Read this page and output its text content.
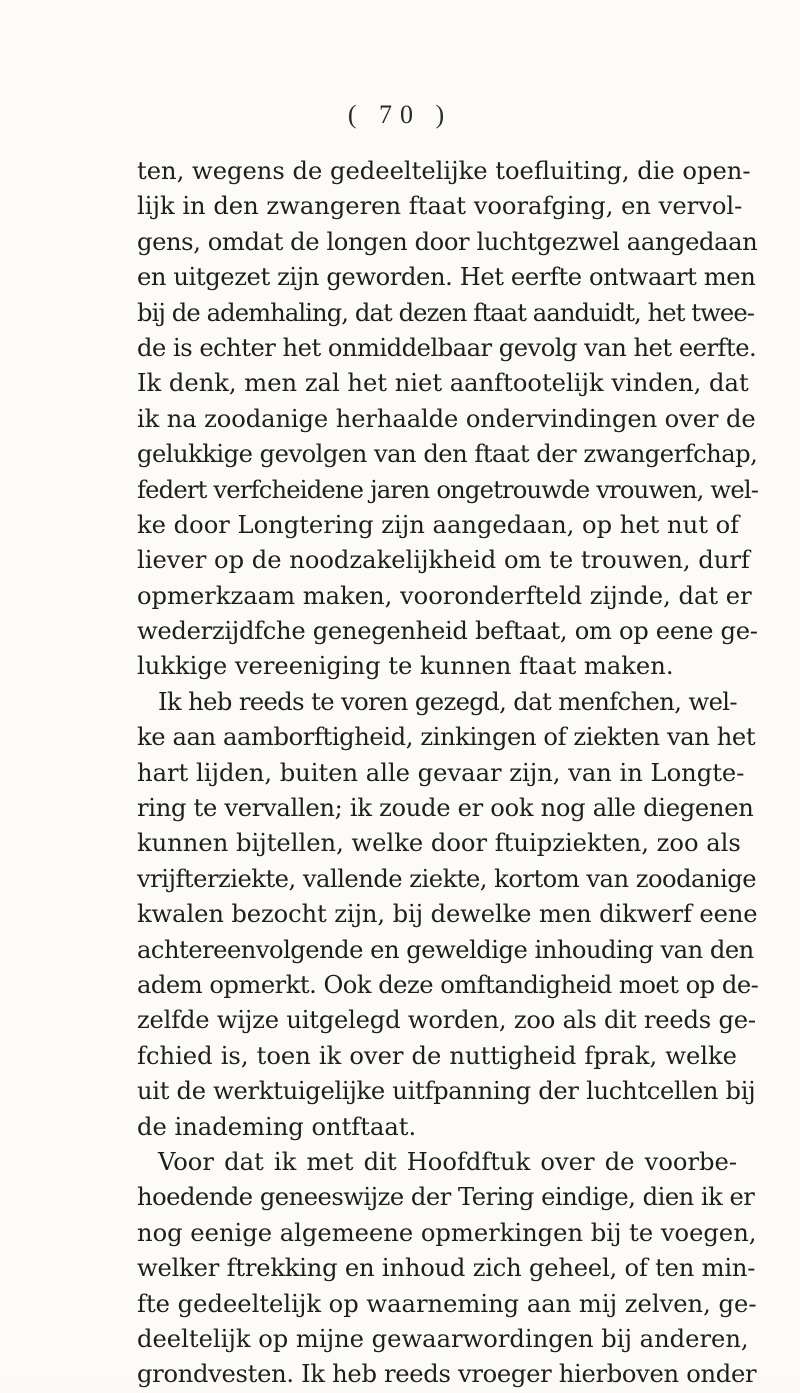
( 70 )
ten, wegens de gedeeltelijke toefluiting, die open-
lijk in den zwangeren ftaat voorafging, en vervol-
gens, omdat de longen door luchtgezwel aangedaan
en uitgezet zijn geworden. Het eerfte ontwaart men
bij de ademhaling, dat dezen ftaat aanduidt, het twee-
de is echter het onmiddelbaar gevolg van het eerfte.
Ik denk, men zal het niet aanftootelijk vinden, dat
ik na zoodanige herhaalde ondervindingen over de
gelukkige gevolgen van den ftaat der zwangerfchap,
federt verfcheidene jaren ongetrouwde vrouwen, wel-
ke door Longtering zijn aangedaan, op het nut of
liever op de noodzakelijkheid om te trouwen, durf
opmerkzaam maken, vooronderfteld zijnde, dat er
wederzijdfche genegenheid beftaat, om op eene ge-
lukkige vereeniging te kunnen ftaat maken.
Ik heb reeds te voren gezegd, dat menfchen, wel-
ke aan aamborftigheid, zinkingen of ziekten van het
hart lijden, buiten alle gevaar zijn, van in Longte-
ring te vervallen; ik zoude er ook nog alle diegenen
kunnen bijtellen, welke door ftuipziekten, zoo als
vrijfterziekte, vallende ziekte, kortom van zoodanige
kwalen bezocht zijn, bij dewelke men dikwerf eene
achtereenvolgende en geweldige inhouding van den
adem opmerkt. Ook deze omftandigheid moet op de-
zelfde wijze uitgelegd worden, zoo als dit reeds ge-
fchied is, toen ik over de nuttigheid fprak, welke
uit de werktuigelijke uitfpanning der luchtcellen bij
de inademing ontftaat.
Voor dat ik met dit Hoofdftuk over de voorbe-
hoedende geneeswijze der Tering eindige, dien ik er
nog eenige algemeene opmerkingen bij te voegen,
welker ftrekking en inhoud zich geheel, of ten min-
fte gedeeltelijk op waarneming aan mij zelven, ge-
deeltelijk op mijne gewaarwordingen bij anderen,
grondvesten. Ik heb reeds vroeger hierboven onder
